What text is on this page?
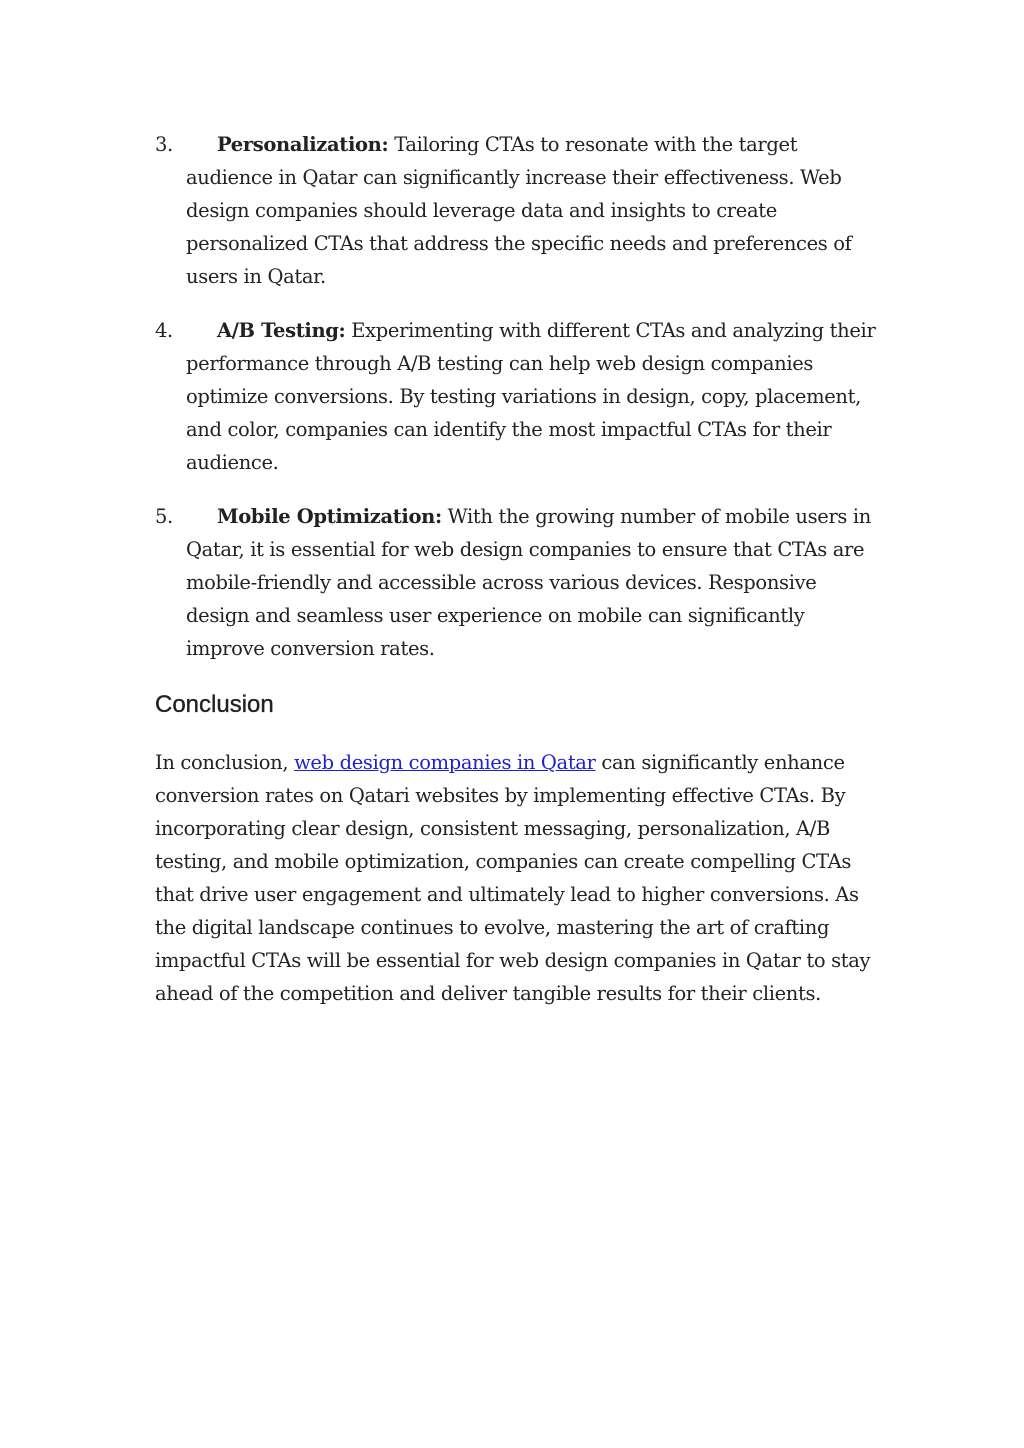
3.	Personalization: Tailoring CTAs to resonate with the target audience in Qatar can significantly increase their effectiveness. Web design companies should leverage data and insights to create personalized CTAs that address the specific needs and preferences of users in Qatar.
4.	A/B Testing: Experimenting with different CTAs and analyzing their performance through A/B testing can help web design companies optimize conversions. By testing variations in design, copy, placement, and color, companies can identify the most impactful CTAs for their audience.
5.	Mobile Optimization: With the growing number of mobile users in Qatar, it is essential for web design companies to ensure that CTAs are mobile-friendly and accessible across various devices. Responsive design and seamless user experience on mobile can significantly improve conversion rates.
Conclusion

In conclusion, web design companies in Qatar can significantly enhance conversion rates on Qatari websites by implementing effective CTAs. By incorporating clear design, consistent messaging, personalization, A/B testing, and mobile optimization, companies can create compelling CTAs that drive user engagement and ultimately lead to higher conversions. As the digital landscape continues to evolve, mastering the art of crafting impactful CTAs will be essential for web design companies in Qatar to stay ahead of the competition and deliver tangible results for their clients.
